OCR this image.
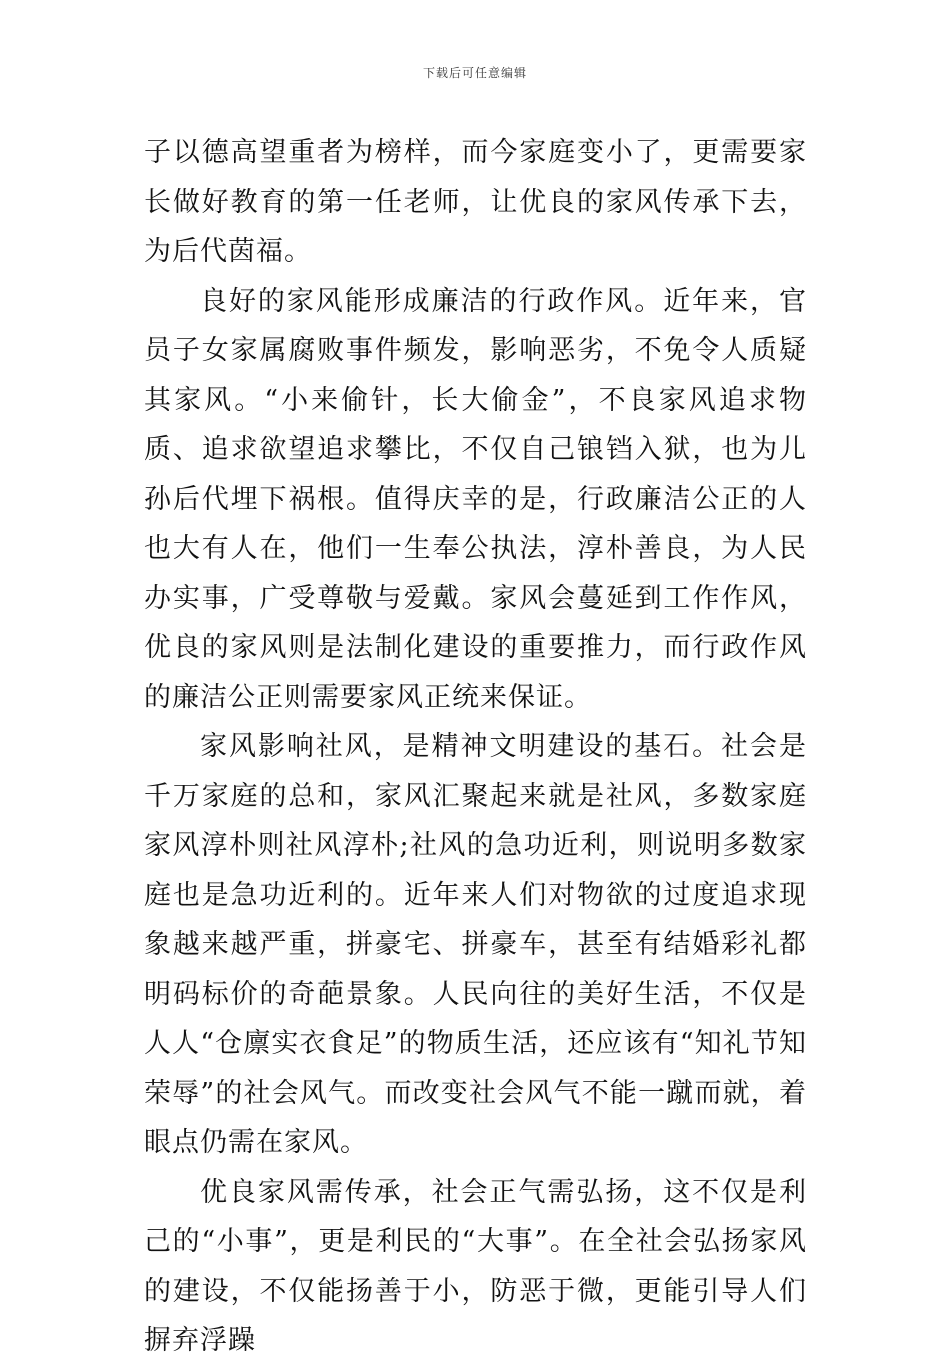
下载后可任意编辑

子以德高望重者为榜样，而今家庭变小了，更需要家长做好教育的第一任老师，让优良的家风传承下去，为后代茵福。

良好的家风能形成廉洁的行政作风。近年来，官员子女家属腐败事件频发，影响恶劣，不免令人质疑其家风。“小来偷针，长大偷金”，不良家风追求物质、追求欲望追求攀比，不仅自己锒铛入狱，也为儿孙后代埋下祸根。值得庆幸的是，行政廉洁公正的人也大有人在，他们一生奉公执法，淳朴善良，为人民办实事，广受尊敬与爱戴。家风会蔓延到工作作风，优良的家风则是法制化建设的重要推力，而行政作风的廉洁公正则需要家风正统来保证。

家风影响社风，是精神文明建设的基石。社会是千万家庭的总和，家风汇聚起来就是社风，多数家庭家风淳朴则社风淳朴;社风的急功近利，则说明多数家庭也是急功近利的。近年来人们对物欲的过度追求现象越来越严重，拼豪宅、拼豪车，甚至有结婚彩礼都明码标价的奇葩景象。人民向往的美好生活，不仅是人人“仓廪实衣食足”的物质生活，还应该有“知礼节知荣辱”的社会风气。而改变社会风气不能一蹴而就，着眼点仍需在家风。

优良家风需传承，社会正气需弘扬，这不仅是利己的“小事”，更是利民的“大事”。在全社会弘扬家风的建设，不仅能扬善于小，防恶于微，更能引导人们摒弃浮躁
